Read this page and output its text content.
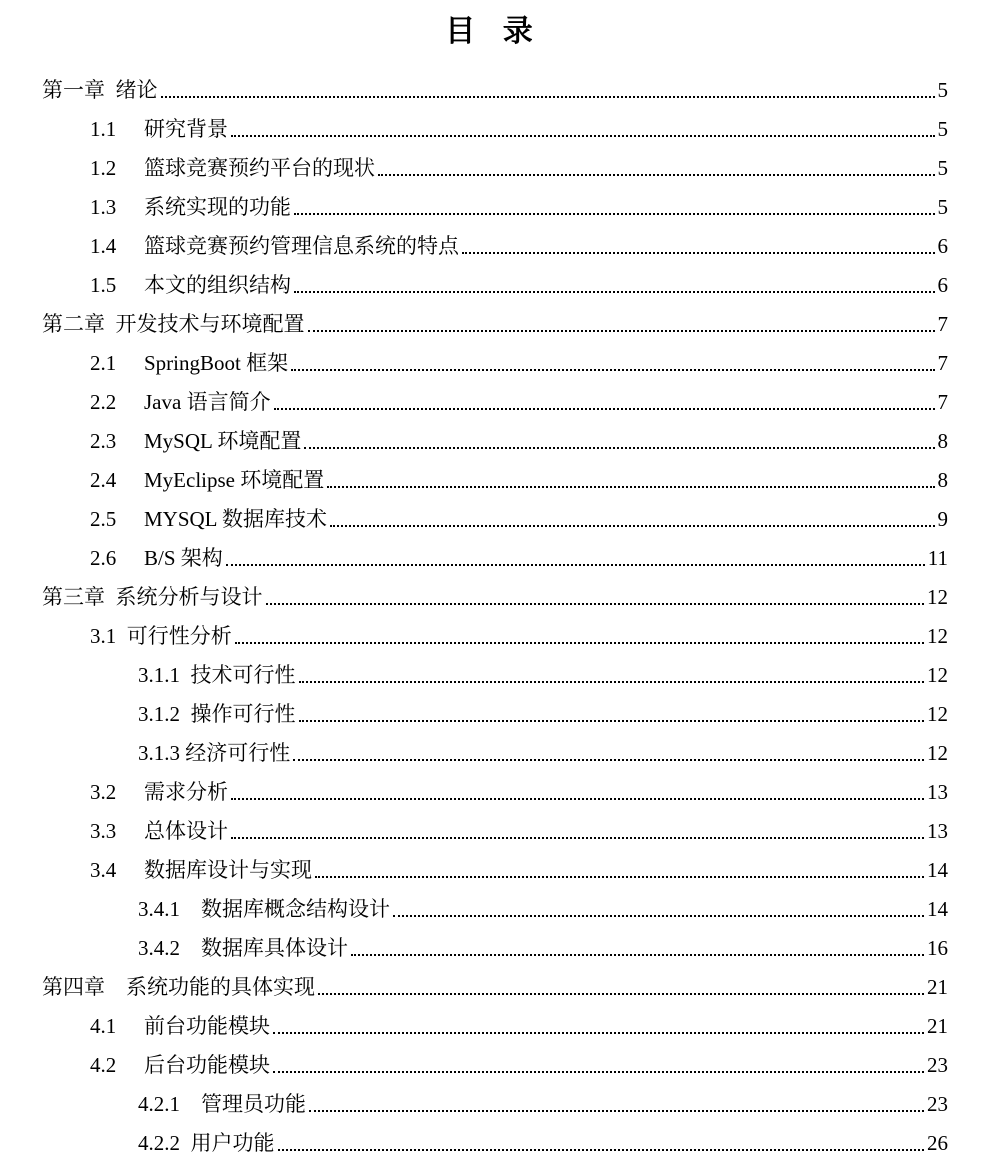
目 录
第一章 绪论	5
1.1	研究背景	5
1.2	篮球竞赛预约平台的现状	5
1.3	系统实现的功能	5
1.4	篮球竞赛预约管理信息系统的特点	6
1.5	本文的组织结构	6
第二章 开发技术与环境配置	7
2.1	SpringBoot 框架	7
2.2	Java 语言简介	7
2.3	MySQL 环境配置	8
2.4	MyEclipse 环境配置	8
2.5	MYSQL 数据库技术	9
2.6	B/S 架构	11
第三章 系统分析与设计	12
3.1 可行性分析	12
3.1.1 技术可行性	12
3.1.2 操作可行性	12
3.1.3 经济可行性	12
3.2	需求分析	13
3.3	总体设计	13
3.4	数据库设计与实现	14
3.4.1 数据库概念结构设计	14
3.4.2 数据库具体设计	16
第四章 系统功能的具体实现	21
4.1	前台功能模块	21
4.2	后台功能模块	23
4.2.1 管理员功能	23
4.2.2 用户功能	26
